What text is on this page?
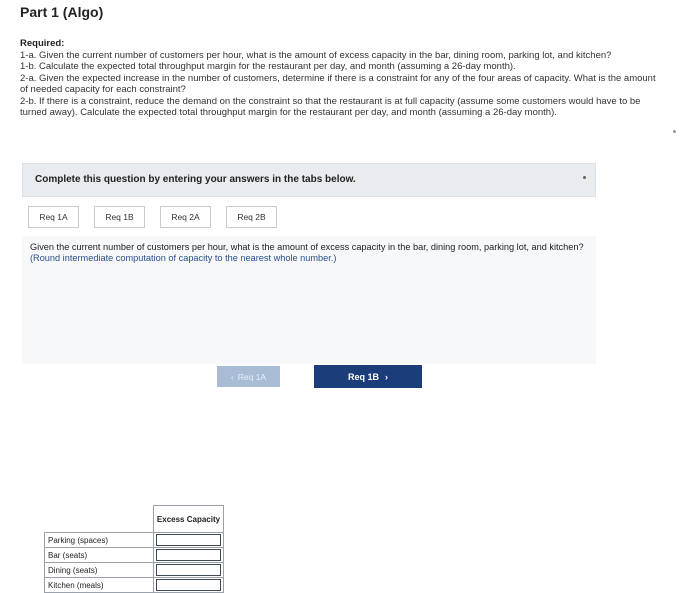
Part 1 (Algo)

Required:

1-a. Given the current number of customers per hour, what is the amount of excess capacity in the bar, dining room, parking lot, and kitchen?

1-b. Calculate the expected total throughput margin for the restaurant per day, and month (assuming a 26-day month).

2-a. Given the expected increase in the number of customers, determine if there is a constraint for any of the four areas of capacity. What is the amount of needed capacity for each constraint?

2-b. If there is a constraint, reduce the demand on the constraint so that the restaurant is at full capacity (assume some customers would have to be turned away). Calculate the expected total throughput margin for the restaurant per day, and month (assuming a 26-day month).

Complete this question by entering your answers in the tabs below.
Req 1A	Req 1B	Req 2A	Req 2B
Given the current number of customers per hour, what is the amount of excess capacity in the bar, dining room, parking lot, and kitchen? (Round intermediate computation of capacity to the nearest whole number.)
	Excess Capacity
Parking (spaces)	

Bar (seats)	

Dining (seats)	

Kitchen (meals)	
‹ Req 1A	Req 1B ›
